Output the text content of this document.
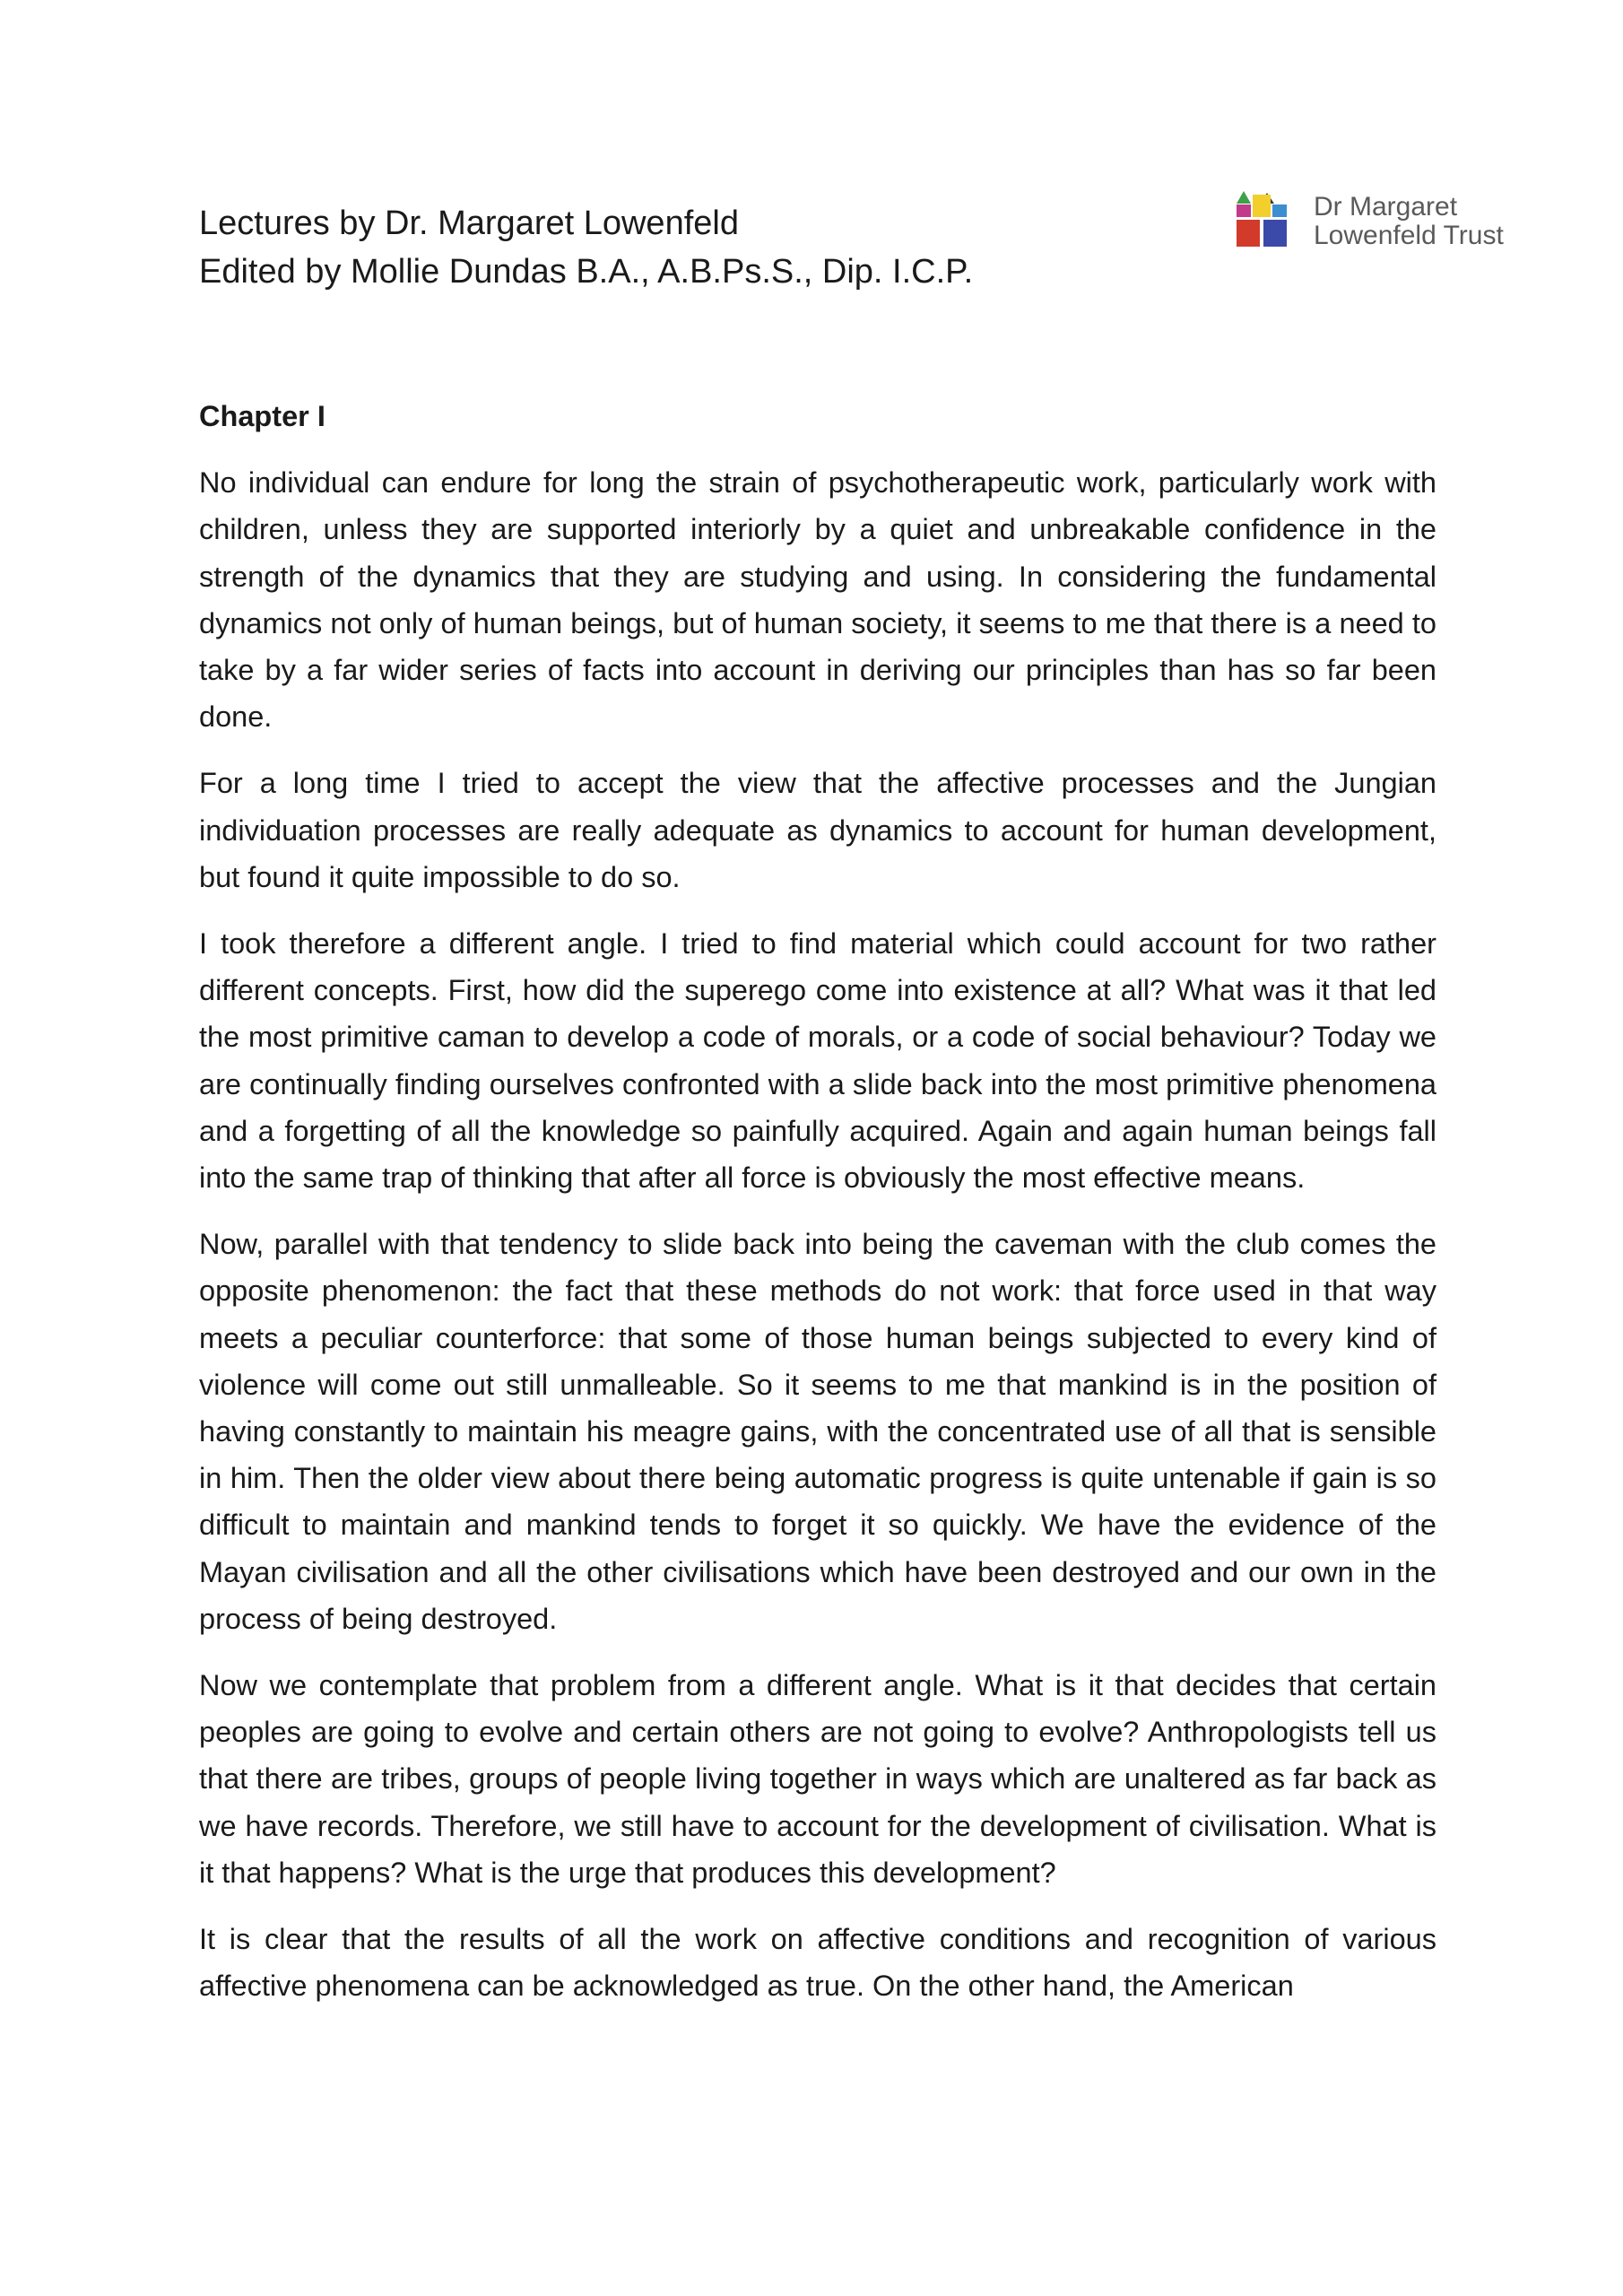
Lectures by Dr. Margaret Lowenfeld
Edited by Mollie Dundas B.A., A.B.Ps.S., Dip. I.C.P.
Dr Margaret
Lowenfeld Trust
Chapter I

No individual can endure for long the strain of psychotherapeutic work, particularly work with children, unless they are supported interiorly by a quiet and unbreakable confidence in the strength of the dynamics that they are studying and using. In considering the fundamental dynamics not only of human beings, but of human society, it seems to me that there is a need to take by a far wider series of facts into account in deriving our principles than has so far been done.

For a long time I tried to accept the view that the affective processes and the Jungian individuation processes are really adequate as dynamics to account for human development, but found it quite impossible to do so.

I took therefore a different angle. I tried to find material which could account for two rather different concepts. First, how did the superego come into existence at all? What was it that led the most primitive caman to develop a code of morals, or a code of social behaviour? Today we are continually finding ourselves confronted with a slide back into the most primitive phenomena and a forgetting of all the knowledge so painfully acquired. Again and again human beings fall into the same trap of thinking that after all force is obviously the most effective means.

Now, parallel with that tendency to slide back into being the caveman with the club comes the opposite phenomenon: the fact that these methods do not work: that force used in that way meets a peculiar counterforce: that some of those human beings subjected to every kind of violence will come out still unmalleable. So it seems to me that mankind is in the position of having constantly to maintain his meagre gains, with the concentrated use of all that is sensible in him. Then the older view about there being automatic progress is quite untenable if gain is so difficult to maintain and mankind tends to forget it so quickly. We have the evidence of the Mayan civilisation and all the other civilisations which have been destroyed and our own in the process of being destroyed.

Now we contemplate that problem from a different angle. What is it that decides that certain peoples are going to evolve and certain others are not going to evolve? Anthropologists tell us that there are tribes, groups of people living together in ways which are unaltered as far back as we have records. Therefore, we still have to account for the development of civilisation. What is it that happens? What is the urge that produces this development?

It is clear that the results of all the work on affective conditions and recognition of various affective phenomena can be acknowledged as true. On the other hand, the American
